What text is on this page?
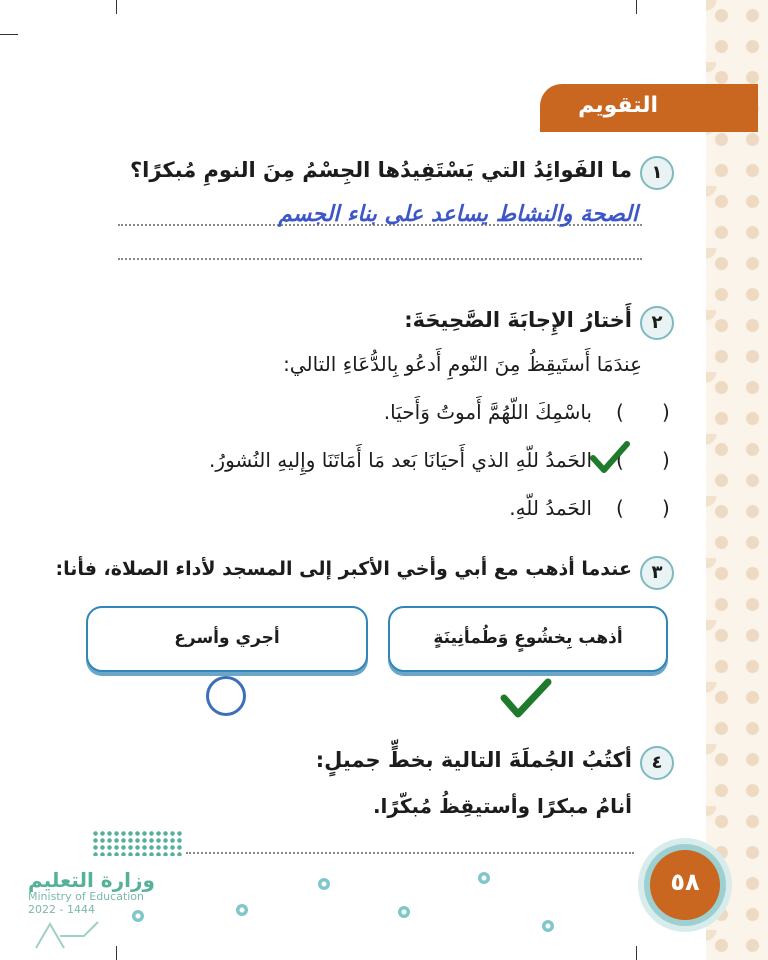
التقويم
١
ما الفَوائِدُ التي يَسْتَفِيدُها الجِسْمُ مِنَ النومِ مُبكرًا؟
الصحة والنشاط يساعد على بناء الجسم
٢
أَختارُ الإِجابَةَ الصَّحِيحَةَ:
عِندَمَا أَستَيقِظُ مِنَ النّومِ أَدعُو بِالدُّعَاءِ التالي:
(      )
باسْمِكَ اللّهُمَّ أَموتُ وَأَحيَا.
(      )
الحَمدُ للّهِ الذي أَحيَانَا بَعد مَا أَمَاتَنَا وإِليهِ النُشورُ.
(      )
الحَمدُ للّهِ.
٣
عندما أذهب مع أبي وأخي الأكبر إلى المسجد لأداء الصلاة، فأنا:
أذهب بِخشُوعٍ وَطُمأنِينَةٍ
أجري وأسرع
٤
أكتُبُ الجُملَةَ التالية بخطٍّ جميلٍ:
أنامُ مبكرًا وأستيقِظُ مُبكّرًا.
٥٨
وزارة التعليم
Ministry of Education
2022 - 1444
